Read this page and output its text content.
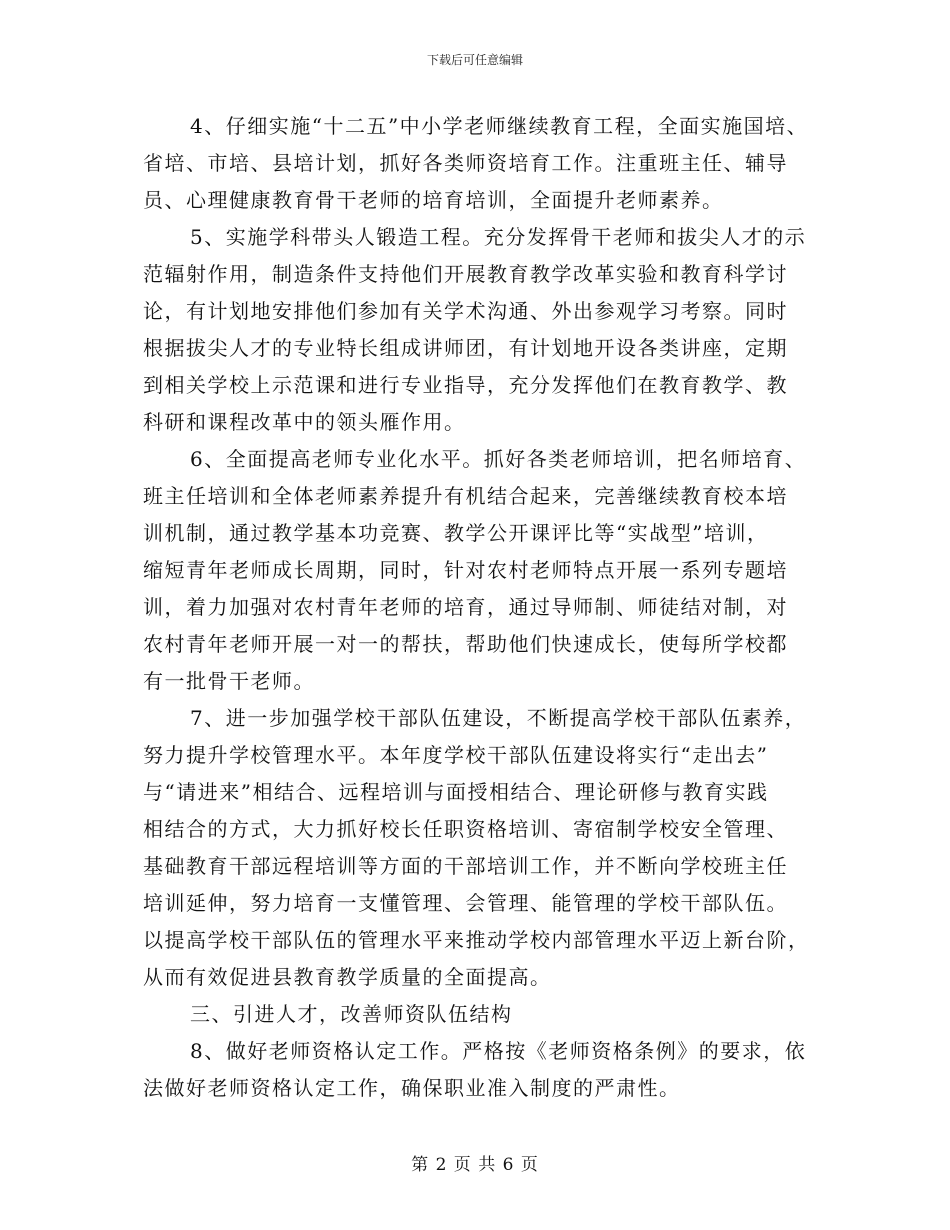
下载后可任意编辑
4、仔细实施“十二五”中小学老师继续教育工程，全面实施国培、
省培、市培、县培计划，抓好各类师资培育工作。注重班主任、辅导
员、心理健康教育骨干老师的培育培训，全面提升老师素养。
5、实施学科带头人锻造工程。充分发挥骨干老师和拔尖人才的示
范辐射作用，制造条件支持他们开展教育教学改革实验和教育科学讨
论，有计划地安排他们参加有关学术沟通、外出参观学习考察。同时
根据拔尖人才的专业特长组成讲师团，有计划地开设各类讲座，定期
到相关学校上示范课和进行专业指导，充分发挥他们在教育教学、教
科研和课程改革中的领头雁作用。
6、全面提高老师专业化水平。抓好各类老师培训，把名师培育、
班主任培训和全体老师素养提升有机结合起来，完善继续教育校本培
训机制，通过教学基本功竞赛、教学公开课评比等“实战型”培训，
缩短青年老师成长周期，同时，针对农村老师特点开展一系列专题培
训，着力加强对农村青年老师的培育，通过导师制、师徒结对制，对
农村青年老师开展一对一的帮扶，帮助他们快速成长，使每所学校都
有一批骨干老师。
7、进一步加强学校干部队伍建设，不断提高学校干部队伍素养，
努力提升学校管理水平。本年度学校干部队伍建设将实行“走出去”
与“请进来”相结合、远程培训与面授相结合、理论研修与教育实践
相结合的方式，大力抓好校长任职资格培训、寄宿制学校安全管理、
基础教育干部远程培训等方面的干部培训工作，并不断向学校班主任
培训延伸，努力培育一支懂管理、会管理、能管理的学校干部队伍。
以提高学校干部队伍的管理水平来推动学校内部管理水平迈上新台阶，
从而有效促进县教育教学质量的全面提高。
三、引进人才，改善师资队伍结构
8、做好老师资格认定工作。严格按《老师资格条例》的要求，依
法做好老师资格认定工作，确保职业准入制度的严肃性。
第 2 页 共 6 页
